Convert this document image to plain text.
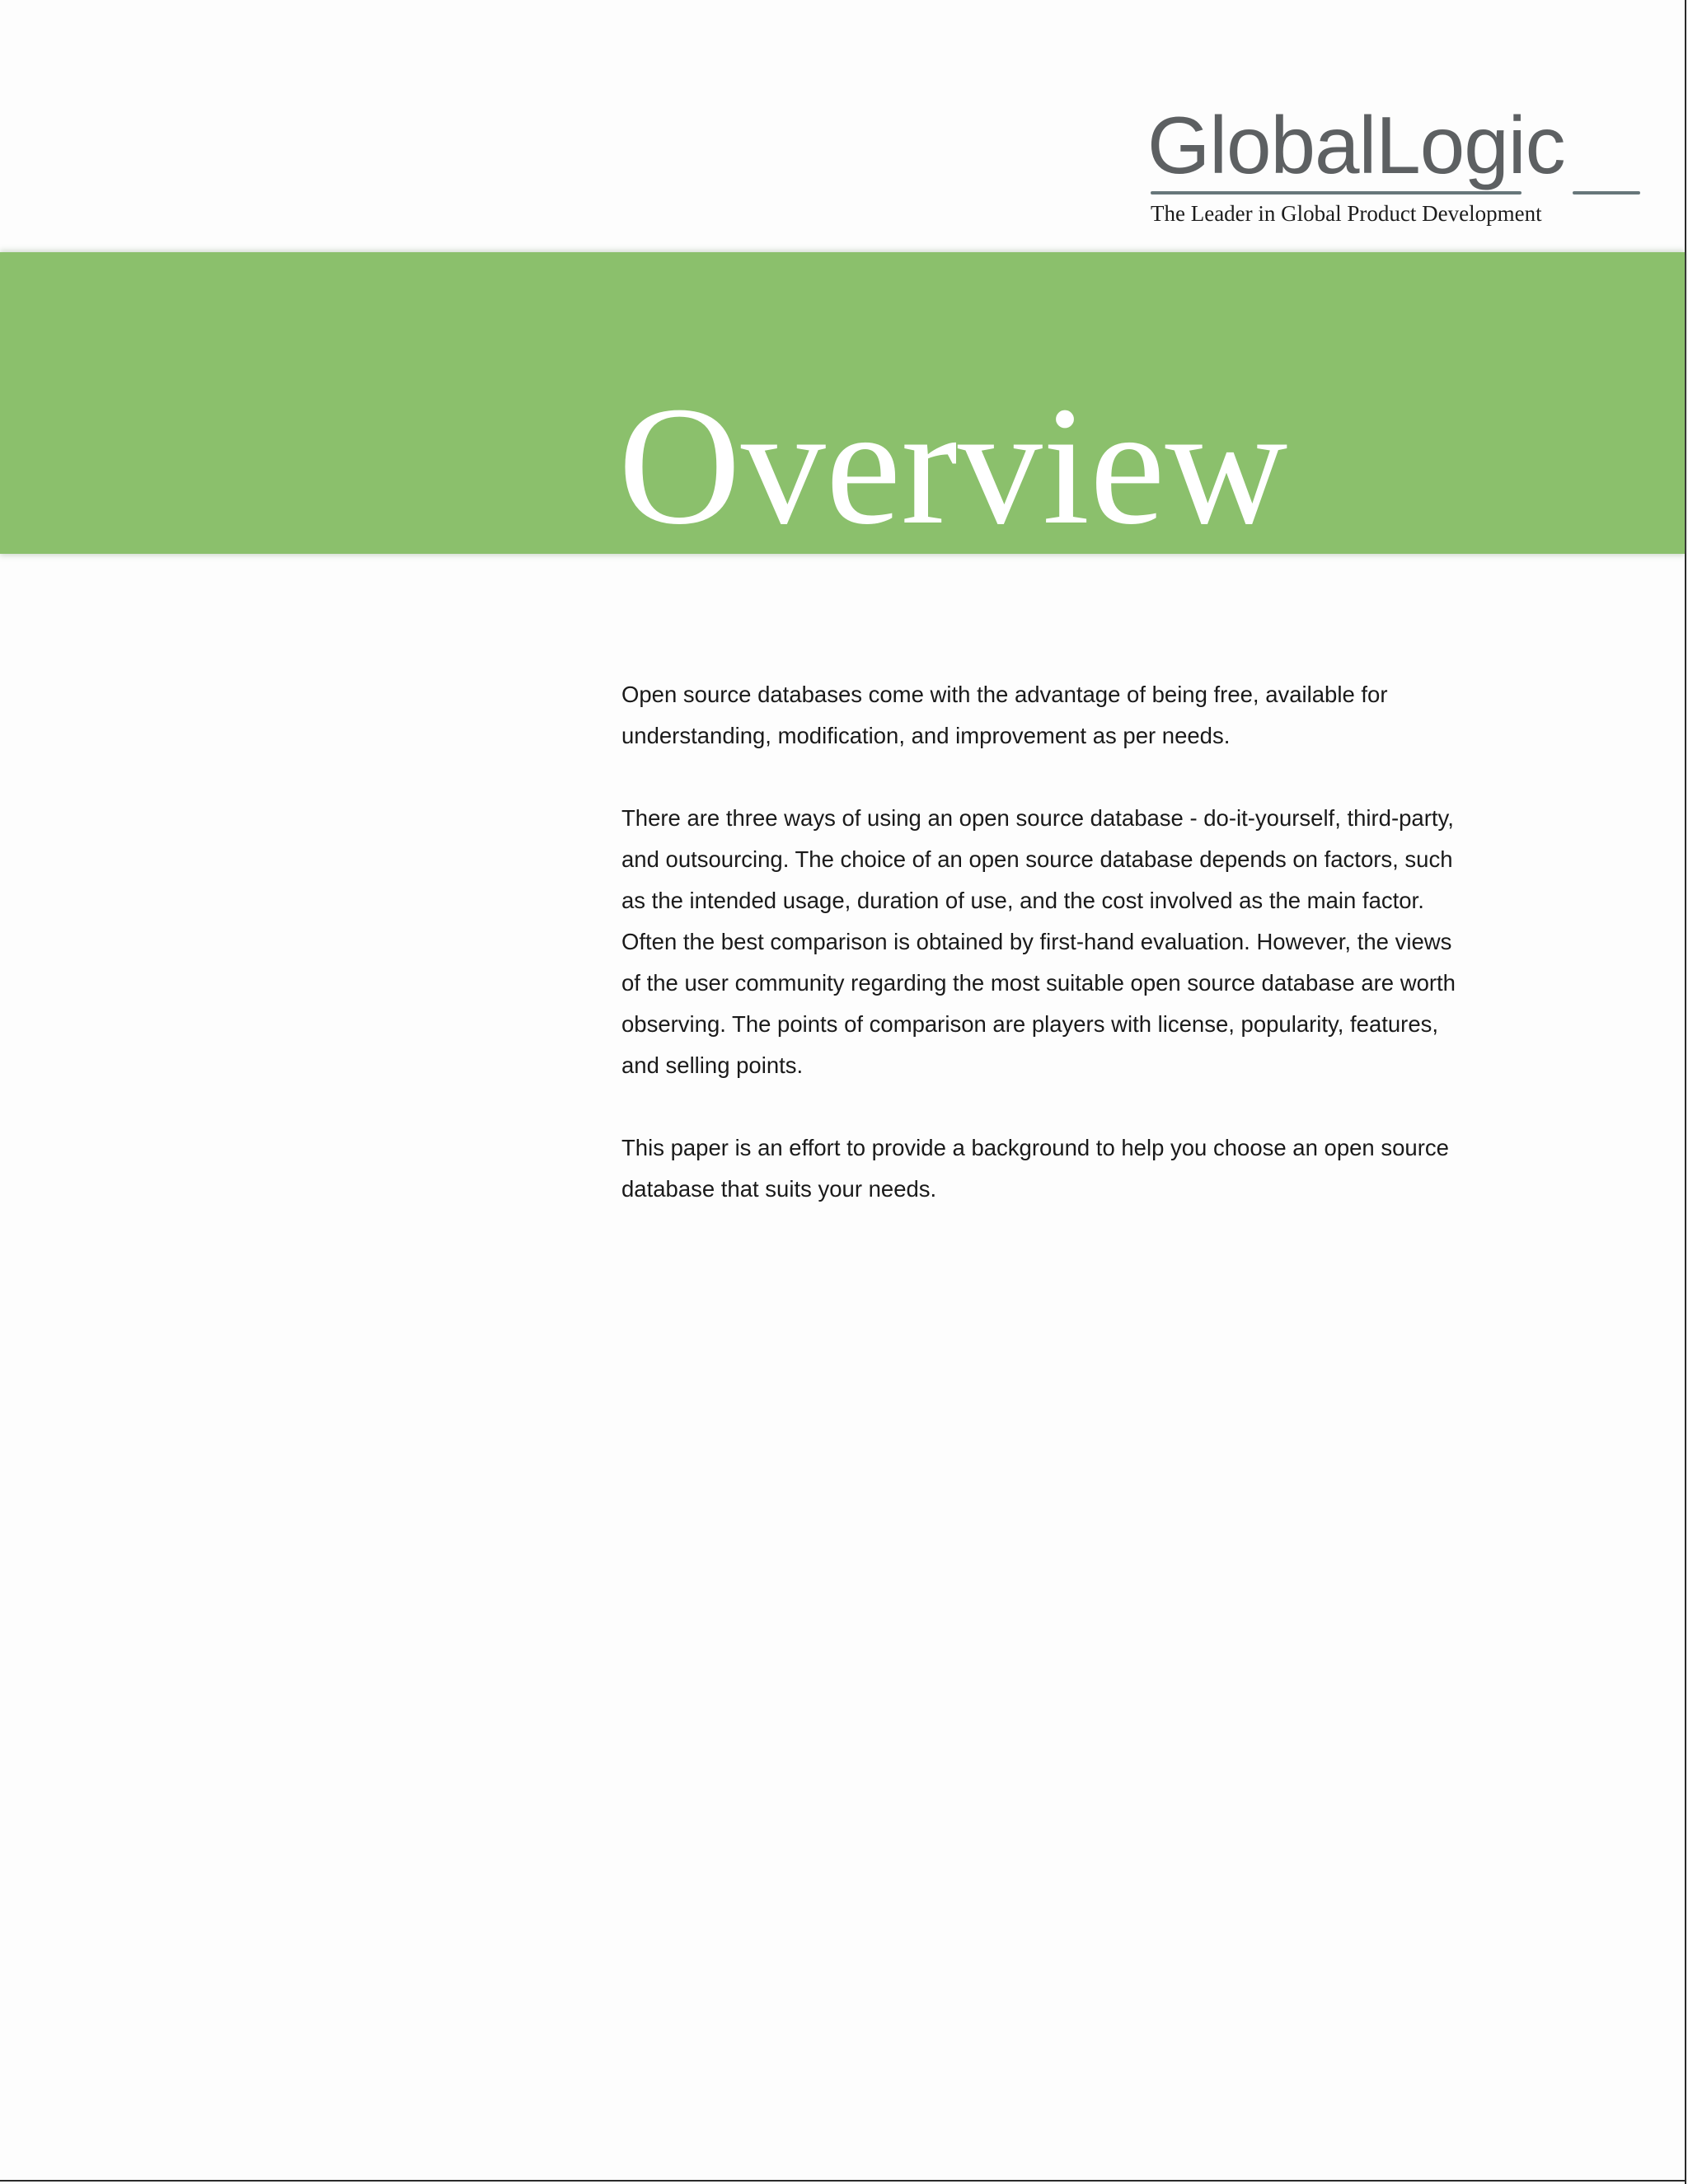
GlobalLogic
The Leader in Global Product Development
Overview

Open source databases come with the advantage of being free, available for understanding, modification, and improvement as per needs.

There are three ways of using an open source database - do-it-yourself, third-party, and outsourcing. The choice of an open source database depends on factors, such as the intended usage, duration of use, and the cost involved as the main factor. Often the best comparison is obtained by first-hand evaluation. However, the views of the user community regarding the most suitable open source database are worth observing. The points of comparison are players with license, popularity, features, and selling points.

This paper is an effort to provide a background to help you choose an open source database that suits your needs.
